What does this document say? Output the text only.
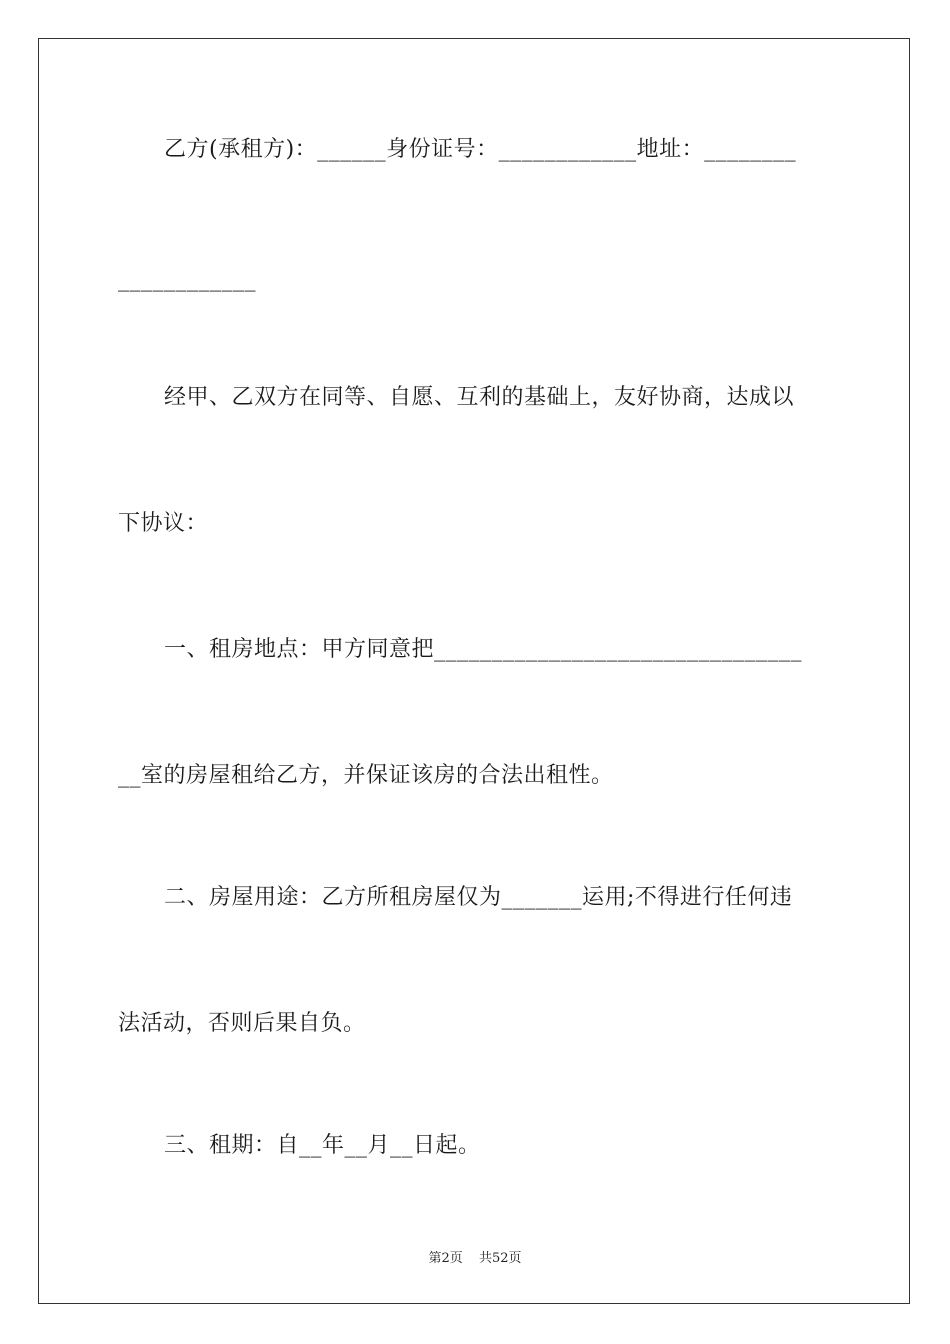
乙方(承租方)：______身份证号：____________地址：________
____________
经甲、乙双方在同等、自愿、互利的基础上，友好协商，达成以
下协议：
一、租房地点：甲方同意把________________________________
__室的房屋租给乙方，并保证该房的合法出租性。
二、房屋用途：乙方所租房屋仅为_______运用;不得进行任何违
法活动，否则后果自负。
三、租期：自__年__月__日起。
第2页 共52页
